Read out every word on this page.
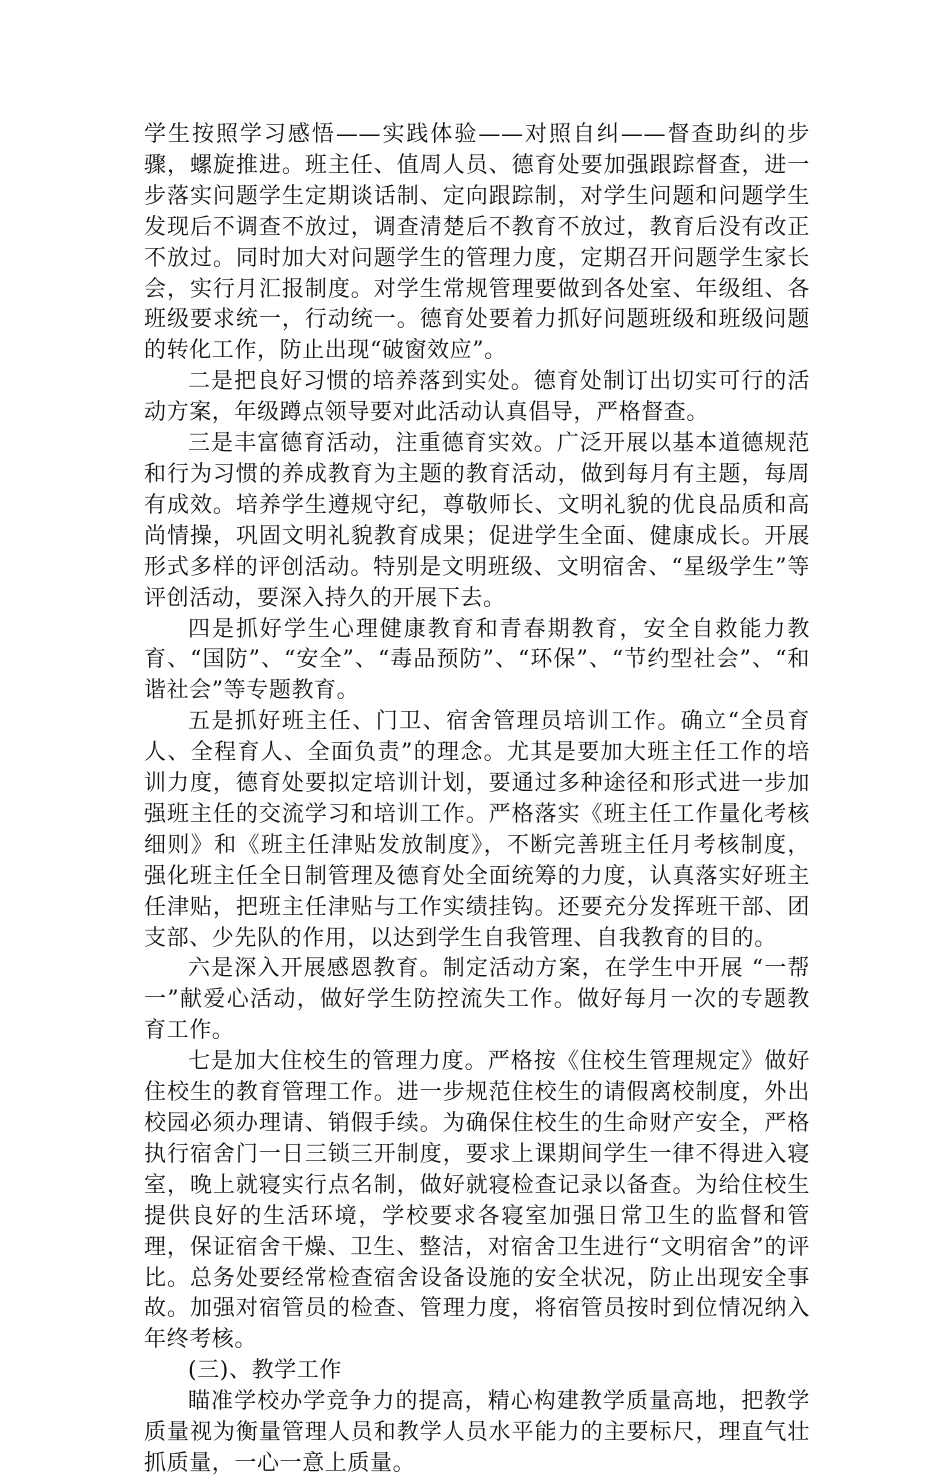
学生按照学习感悟——实践体验——对照自纠——督查助纠的步骤，螺旋推进。班主任、值周人员、德育处要加强跟踪督查，进一步落实问题学生定期谈话制、定向跟踪制，对学生问题和问题学生发现后不调查不放过，调查清楚后不教育不放过，教育后没有改正不放过。同时加大对问题学生的管理力度，定期召开问题学生家长会，实行月汇报制度。对学生常规管理要做到各处室、年级组、各班级要求统一，行动统一。德育处要着力抓好问题班级和班级问题的转化工作，防止出现“破窗效应”。

二是把良好习惯的培养落到实处。德育处制订出切实可行的活动方案，年级蹲点领导要对此活动认真倡导，严格督查。

三是丰富德育活动，注重德育实效。广泛开展以基本道德规范和行为习惯的养成教育为主题的教育活动，做到每月有主题，每周有成效。培养学生遵规守纪，尊敬师长、文明礼貌的优良品质和高尚情操，巩固文明礼貌教育成果；促进学生全面、健康成长。开展形式多样的评创活动。特别是文明班级、文明宿舍、“星级学生”等评创活动，要深入持久的开展下去。

四是抓好学生心理健康教育和青春期教育，安全自救能力教育、“国防”、“安全”、“毒品预防”、“环保”、“节约型社会”、“和谐社会”等专题教育。

五是抓好班主任、门卫、宿舍管理员培训工作。确立“全员育人、全程育人、全面负责”的理念。尤其是要加大班主任工作的培训力度，德育处要拟定培训计划，要通过多种途径和形式进一步加强班主任的交流学习和培训工作。严格落实《班主任工作量化考核细则》和《班主任津贴发放制度》，不断完善班主任月考核制度，强化班主任全日制管理及德育处全面统筹的力度，认真落实好班主任津贴，把班主任津贴与工作实绩挂钩。还要充分发挥班干部、团支部、少先队的作用，以达到学生自我管理、自我教育的目的。

六是深入开展感恩教育。制定活动方案，在学生中开展 “一帮一”献爱心活动，做好学生防控流失工作。做好每月一次的专题教育工作。

七是加大住校生的管理力度。严格按《住校生管理规定》做好住校生的教育管理工作。进一步规范住校生的请假离校制度，外出校园必须办理请、销假手续。为确保住校生的生命财产安全，严格执行宿舍门一日三锁三开制度，要求上课期间学生一律不得进入寝室，晚上就寝实行点名制，做好就寝检查记录以备查。为给住校生提供良好的生活环境，学校要求各寝室加强日常卫生的监督和管理，保证宿舍干燥、卫生、整洁，对宿舍卫生进行“文明宿舍”的评比。总务处要经常检查宿舍设备设施的安全状况，防止出现安全事故。加强对宿管员的检查、管理力度，将宿管员按时到位情况纳入年终考核。

(三)、教学工作

瞄准学校办学竞争力的提高，精心构建教学质量高地，把教学质量视为衡量管理人员和教学人员水平能力的主要标尺，理直气壮抓质量，一心一意上质量。
